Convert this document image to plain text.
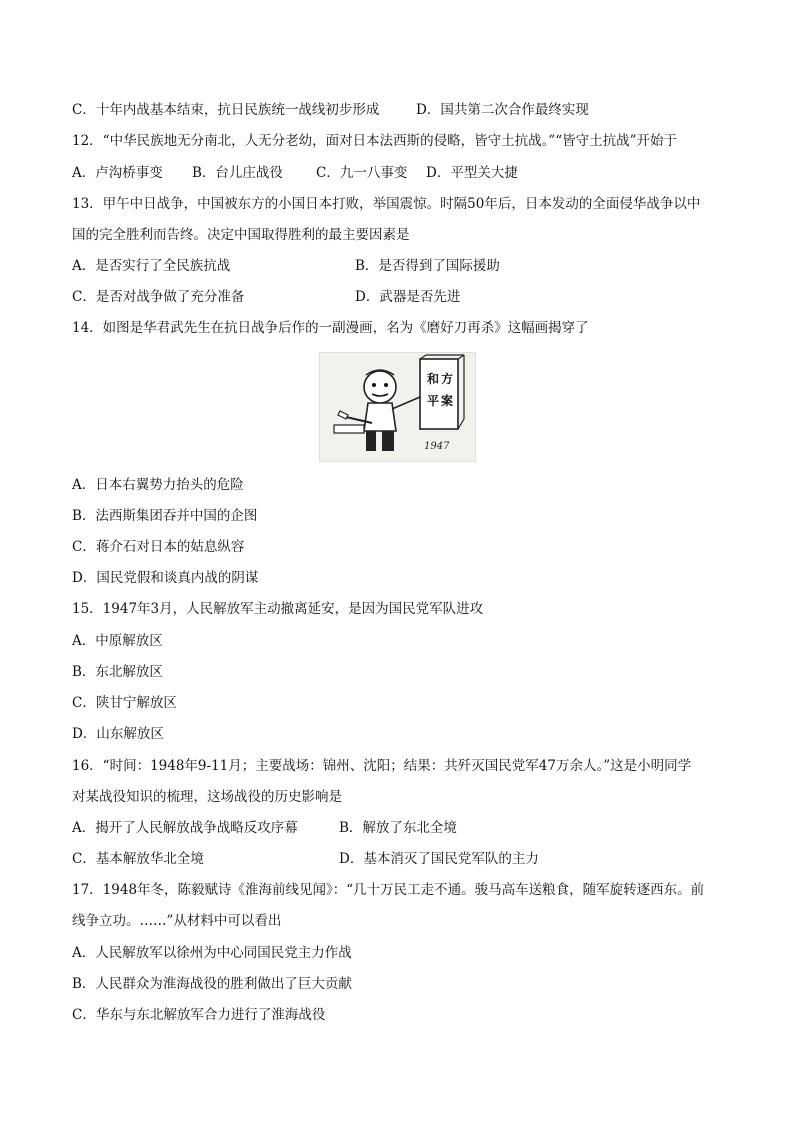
C．十年内战基本结束，抗日民族统一战线初步形成	D．国共第二次合作最终实现
12．“中华民族地无分南北，人无分老幼，面对日本法西斯的侵略，皆守土抗战。”“皆守土抗战”开始于
A．卢沟桥事变 B．台儿庄战役 C．九一八事变 D．平型关大捷
13．甲午中日战争，中国被东方的小国日本打败，举国震惊。时隔50年后，日本发动的全面侵华战争以中
国的完全胜利而告终。决定中国取得胜利的最主要因素是
A．是否实行了全民族抗战	B．是否得到了国际援助
C．是否对战争做了充分准备	D．武器是否先进
14．如图是华君武先生在抗日战争后作的一副漫画，名为《磨好刀再杀》这幅画揭穿了
和 方
平 案
1947
A．日本右翼势力抬头的危险
B．法西斯集团吞并中国的企图
C．蒋介石对日本的姑息纵容
D．国民党假和谈真内战的阴谋
15．1947年3月，人民解放军主动撤离延安，是因为国民党军队进攻
A．中原解放区
B．东北解放区
C．陕甘宁解放区
D．山东解放区
16．“时间：1948年9-11月；主要战场：锦州、沈阳；结果：共歼灭国民党军47万余人。”这是小明同学
对某战役知识的梳理，这场战役的历史影响是
A．揭开了人民解放战争战略反攻序幕	B．解放了东北全境
C．基本解放华北全境	D．基本消灭了国民党军队的主力
17．1948年冬，陈毅赋诗《淮海前线见闻》：“几十万民工走不通。骏马高车送粮食，随军旋转逐西东。前
线争立功。……”从材料中可以看出
A．人民解放军以徐州为中心同国民党主力作战
B．人民群众为淮海战役的胜利做出了巨大贡献
C．华东与东北解放军合力进行了淮海战役
